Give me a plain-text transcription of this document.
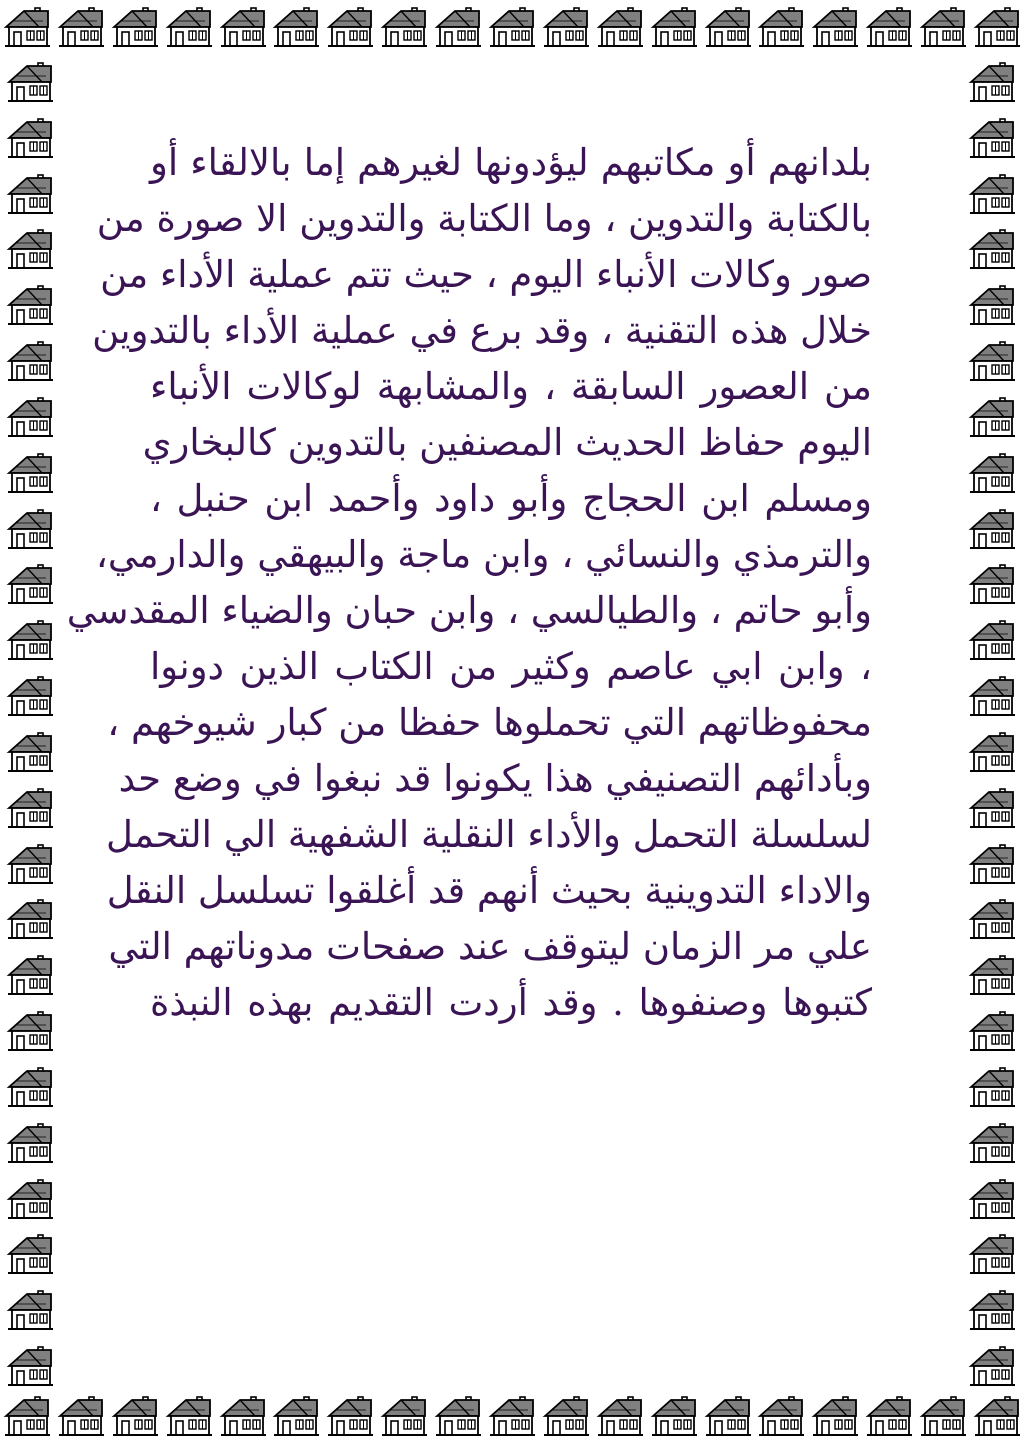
بلدانهم أو مكاتبهم ليؤدونها لغيرهم إما بالالقاء أو
بالكتابة والتدوين ، وما الكتابة والتدوين الا صورة من
صور وكالات الأنباء اليوم ، حيث تتم عملية الأداء من
خلال هذه التقنية ، وقد برع في عملية الأداء بالتدوين
من العصور السابقة ، والمشابهة لوكالات الأنباء
اليوم حفاظ الحديث المصنفين بالتدوين كالبخاري
ومسلم ابن الحجاج وأبو داود وأحمد ابن حنبل ،
والترمذي والنسائي ، وابن ماجة والبيهقي والدارمي،
وأبو حاتم ، والطيالسي ، وابن حبان والضياء المقدسي
، وابن ابي عاصم وكثير من الكتاب الذين دونوا
محفوظاتهم التي تحملوها حفظا من كبار شيوخهم ،
وبأدائهم التصنيفي هذا يكونوا قد نبغوا في وضع حد
لسلسلة التحمل والأداء النقلية الشفهية الي التحمل
والاداء التدوينية بحيث أنهم قد أغلقوا تسلسل النقل
علي مر الزمان ليتوقف عند صفحات مدوناتهم التي
كتبوها وصنفوها . وقد أردت التقديم بهذه النبذة
